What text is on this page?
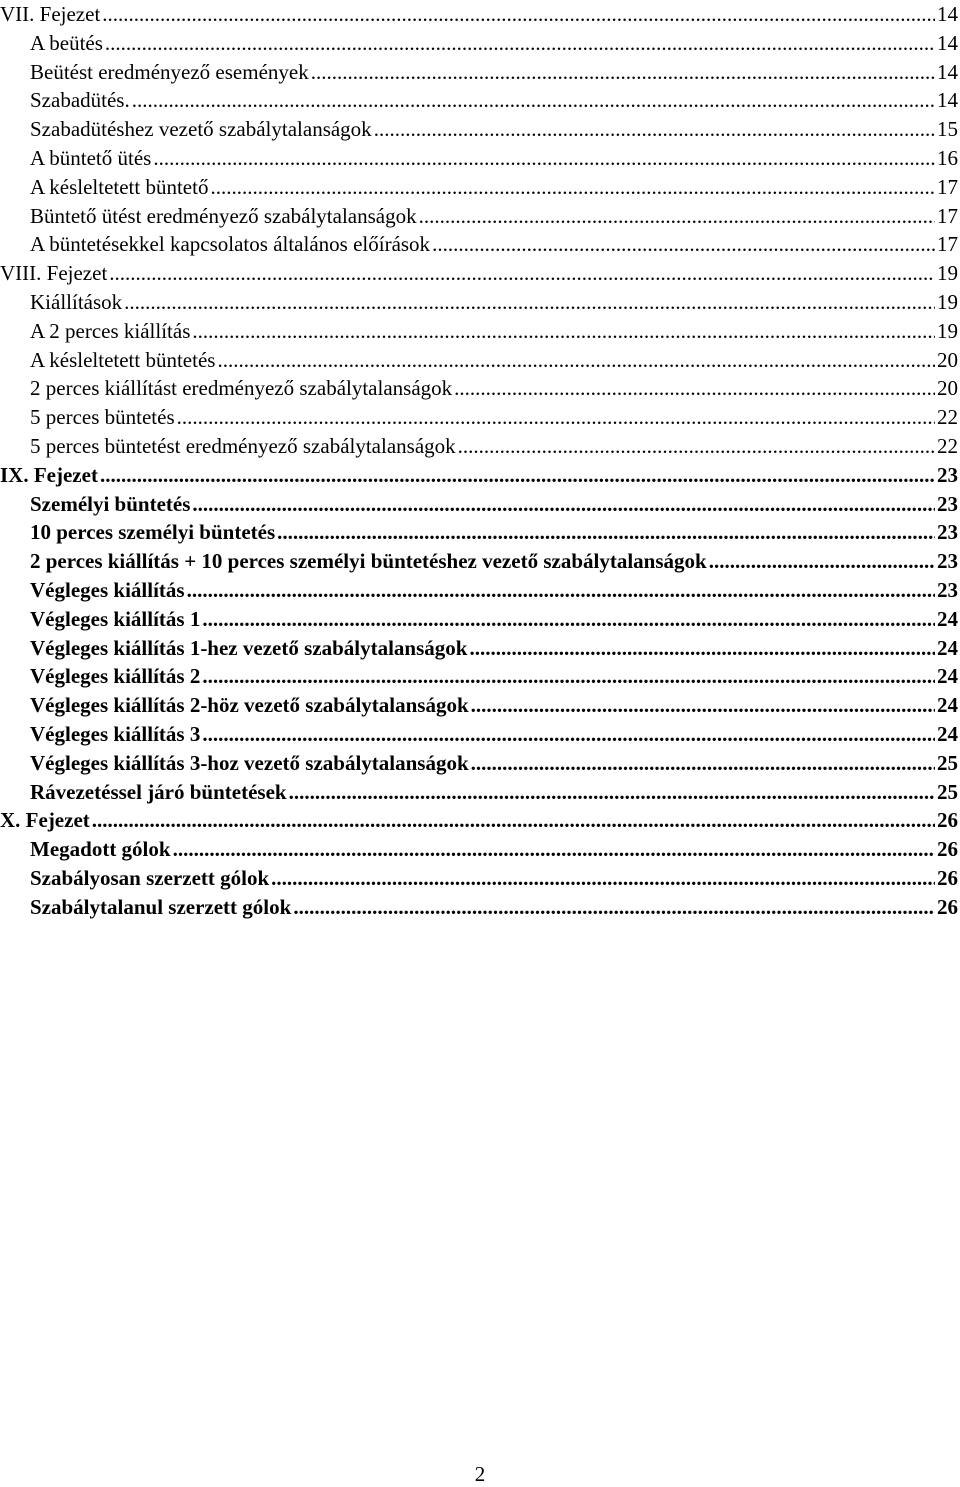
VII. Fejezet .....	14
A beütés .....	14
Beütést eredményező események .....	14
Szabadütés. .....	14
Szabadütéshez vezető szabálytalanságok .....	15
A büntető ütés .....	16
A késleltetett büntető .....	17
Büntető ütést eredményező szabálytalanságok .....	17
A büntetésekkel kapcsolatos általános előírások .....	17
VIII. Fejezet .....	19
Kiállítások .....	19
A 2 perces kiállítás .....	19
A késleltetett büntetés .....	20
2 perces kiállítást eredményező szabálytalanságok .....	20
5 perces büntetés .....	22
5 perces büntetést eredményező szabálytalanságok .....	22
IX. Fejezet .....	23
Személyi büntetés .....	23
10 perces személyi büntetés .....	23
2 perces kiállítás + 10 perces személyi büntetéshez vezető szabálytalanságok .....	23
Végleges kiállítás .....	23
Végleges kiállítás 1 .....	24
Végleges kiállítás 1-hez vezető szabálytalanságok .....	24
Végleges kiállítás 2 .....	24
Végleges kiállítás 2-höz vezető szabálytalanságok .....	24
Végleges kiállítás 3 .....	24
Végleges kiállítás 3-hoz vezető szabálytalanságok .....	25
Rávezetéssel járó büntetések .....	25
X. Fejezet .....	26
Megadott gólok .....	26
Szabályosan szerzett gólok .....	26
Szabálytalanul szerzett gólok .....	26
2
